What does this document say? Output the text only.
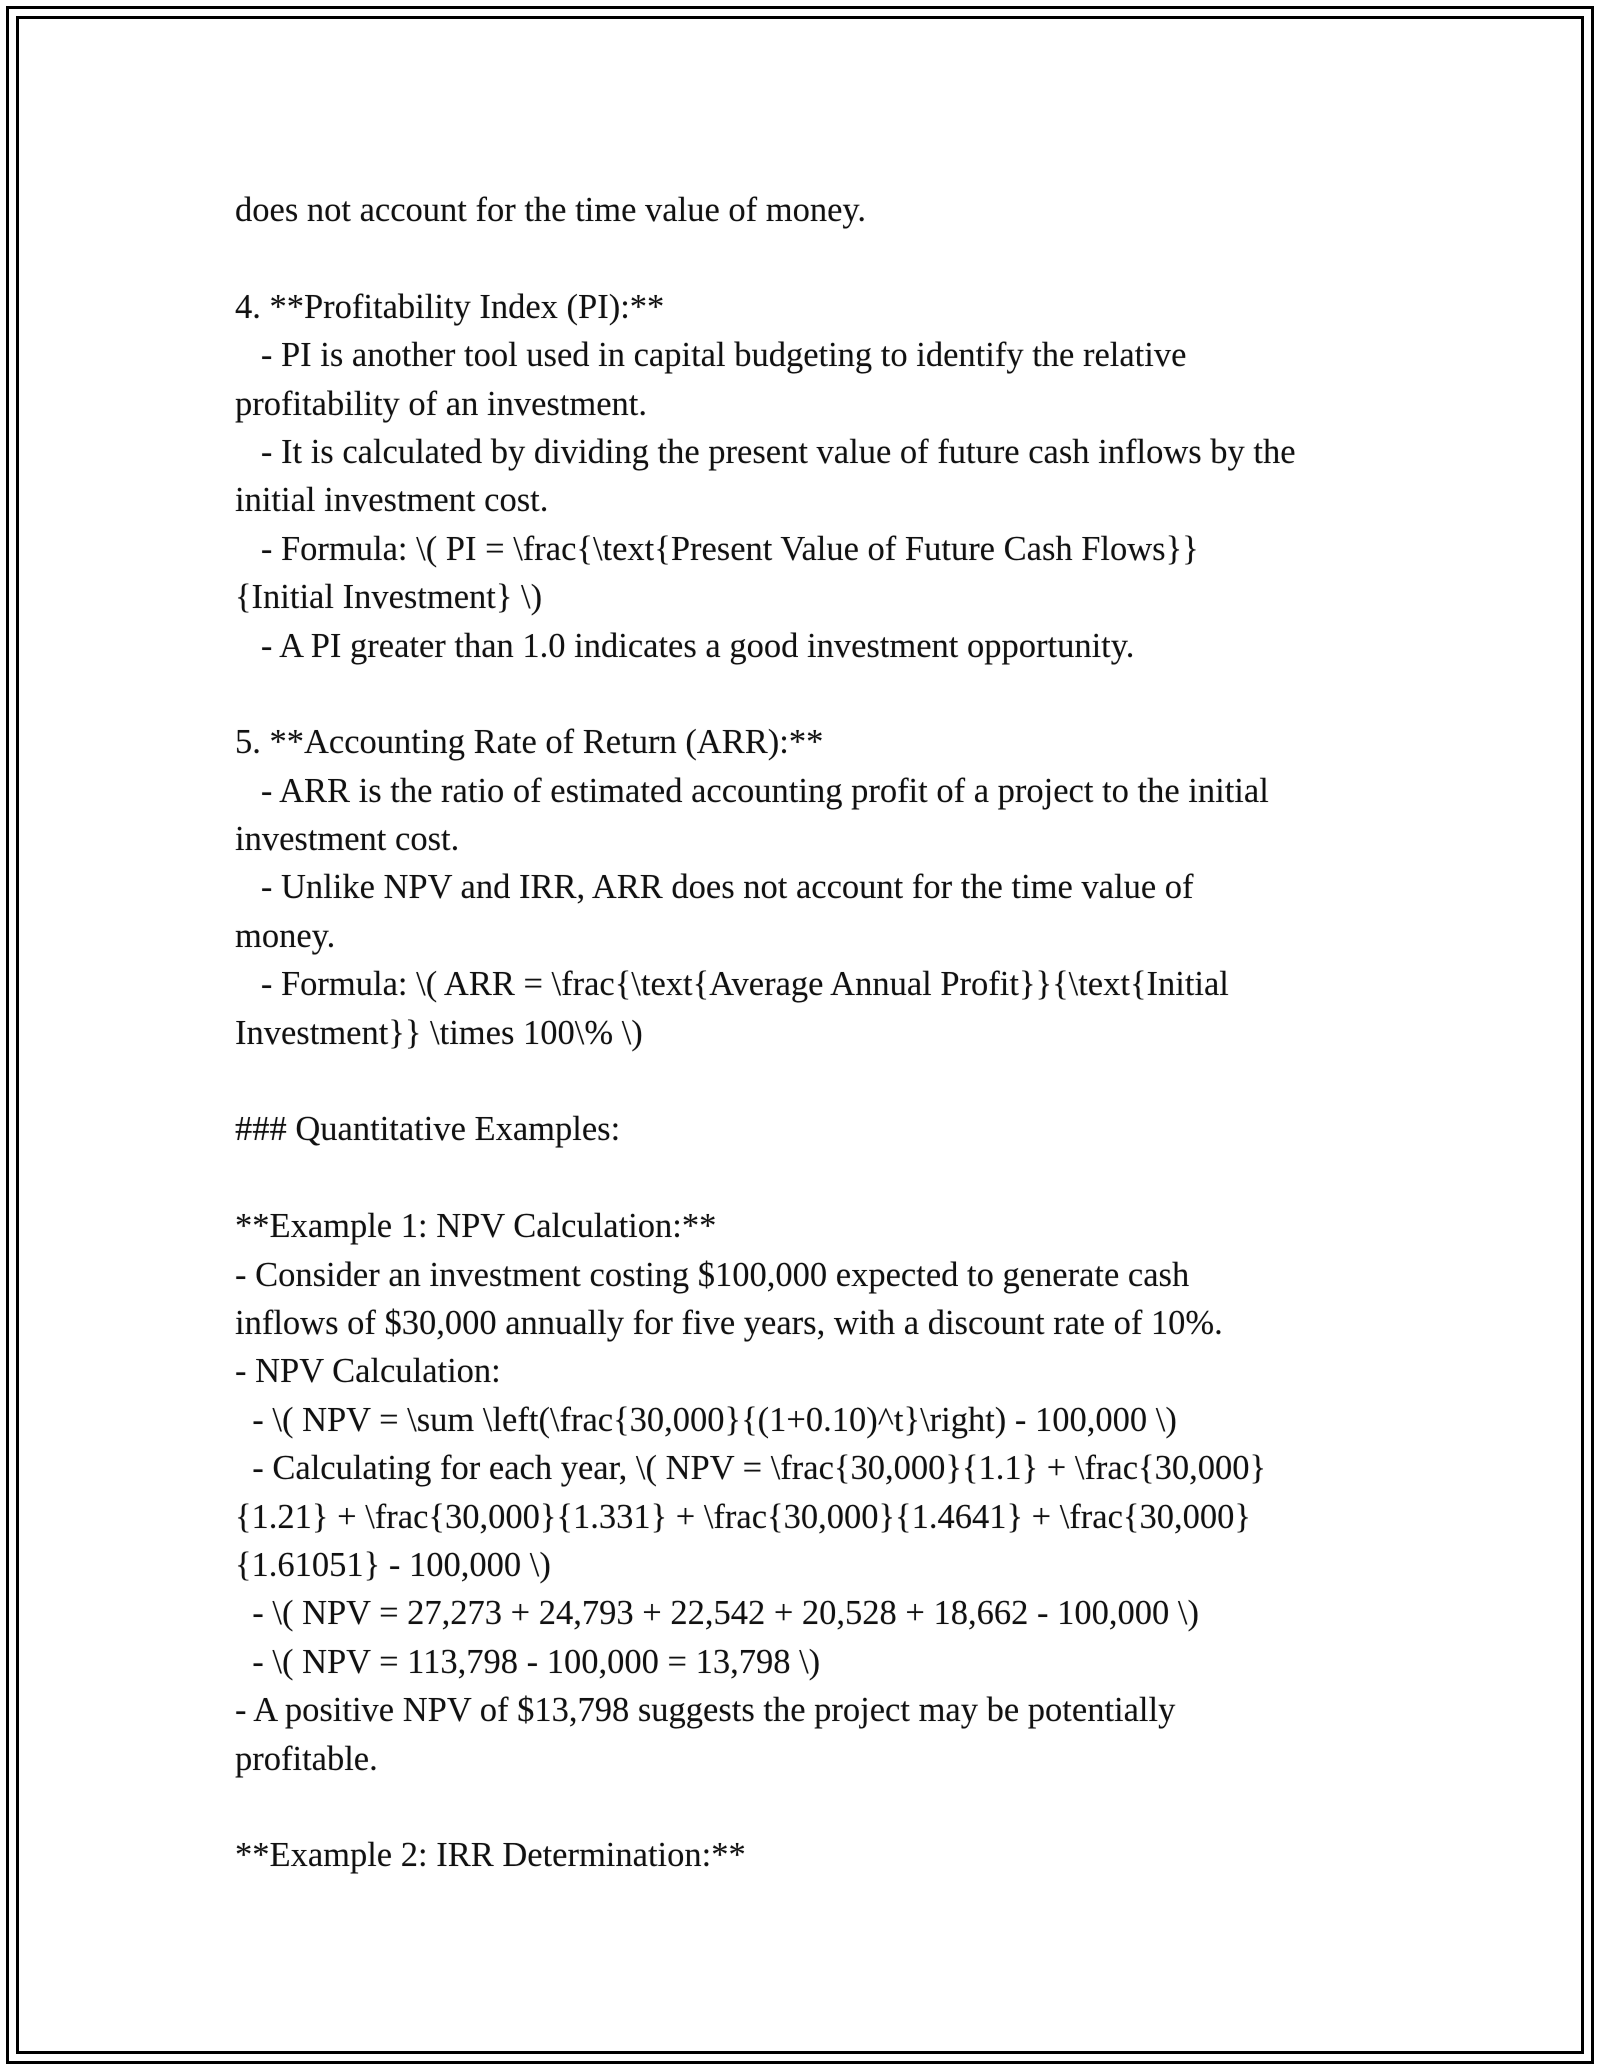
does not account for the time value of money.
4. **Profitability Index (PI):**
- PI is another tool used in capital budgeting to identify the relative
profitability of an investment.
- It is calculated by dividing the present value of future cash inflows by the
initial investment cost.
- Formula: \( PI = \frac{\text{Present Value of Future Cash Flows}}
{Initial Investment} \)
- A PI greater than 1.0 indicates a good investment opportunity.
5. **Accounting Rate of Return (ARR):**
- ARR is the ratio of estimated accounting profit of a project to the initial
investment cost.
- Unlike NPV and IRR, ARR does not account for the time value of
money.
- Formula: \( ARR = \frac{\text{Average Annual Profit}}{\text{Initial
Investment}} \times 100\% \)
### Quantitative Examples:
**Example 1: NPV Calculation:**
- Consider an investment costing $100,000 expected to generate cash
inflows of $30,000 annually for five years, with a discount rate of 10%.
- NPV Calculation:
- \( NPV = \sum \left(\frac{30,000}{(1+0.10)^t}\right) - 100,000 \)
- Calculating for each year, \( NPV = \frac{30,000}{1.1} + \frac{30,000}
{1.21} + \frac{30,000}{1.331} + \frac{30,000}{1.4641} + \frac{30,000}
{1.61051} - 100,000 \)
- \( NPV = 27,273 + 24,793 + 22,542 + 20,528 + 18,662 - 100,000 \)
- \( NPV = 113,798 - 100,000 = 13,798 \)
- A positive NPV of $13,798 suggests the project may be potentially
profitable.
**Example 2: IRR Determination:**
